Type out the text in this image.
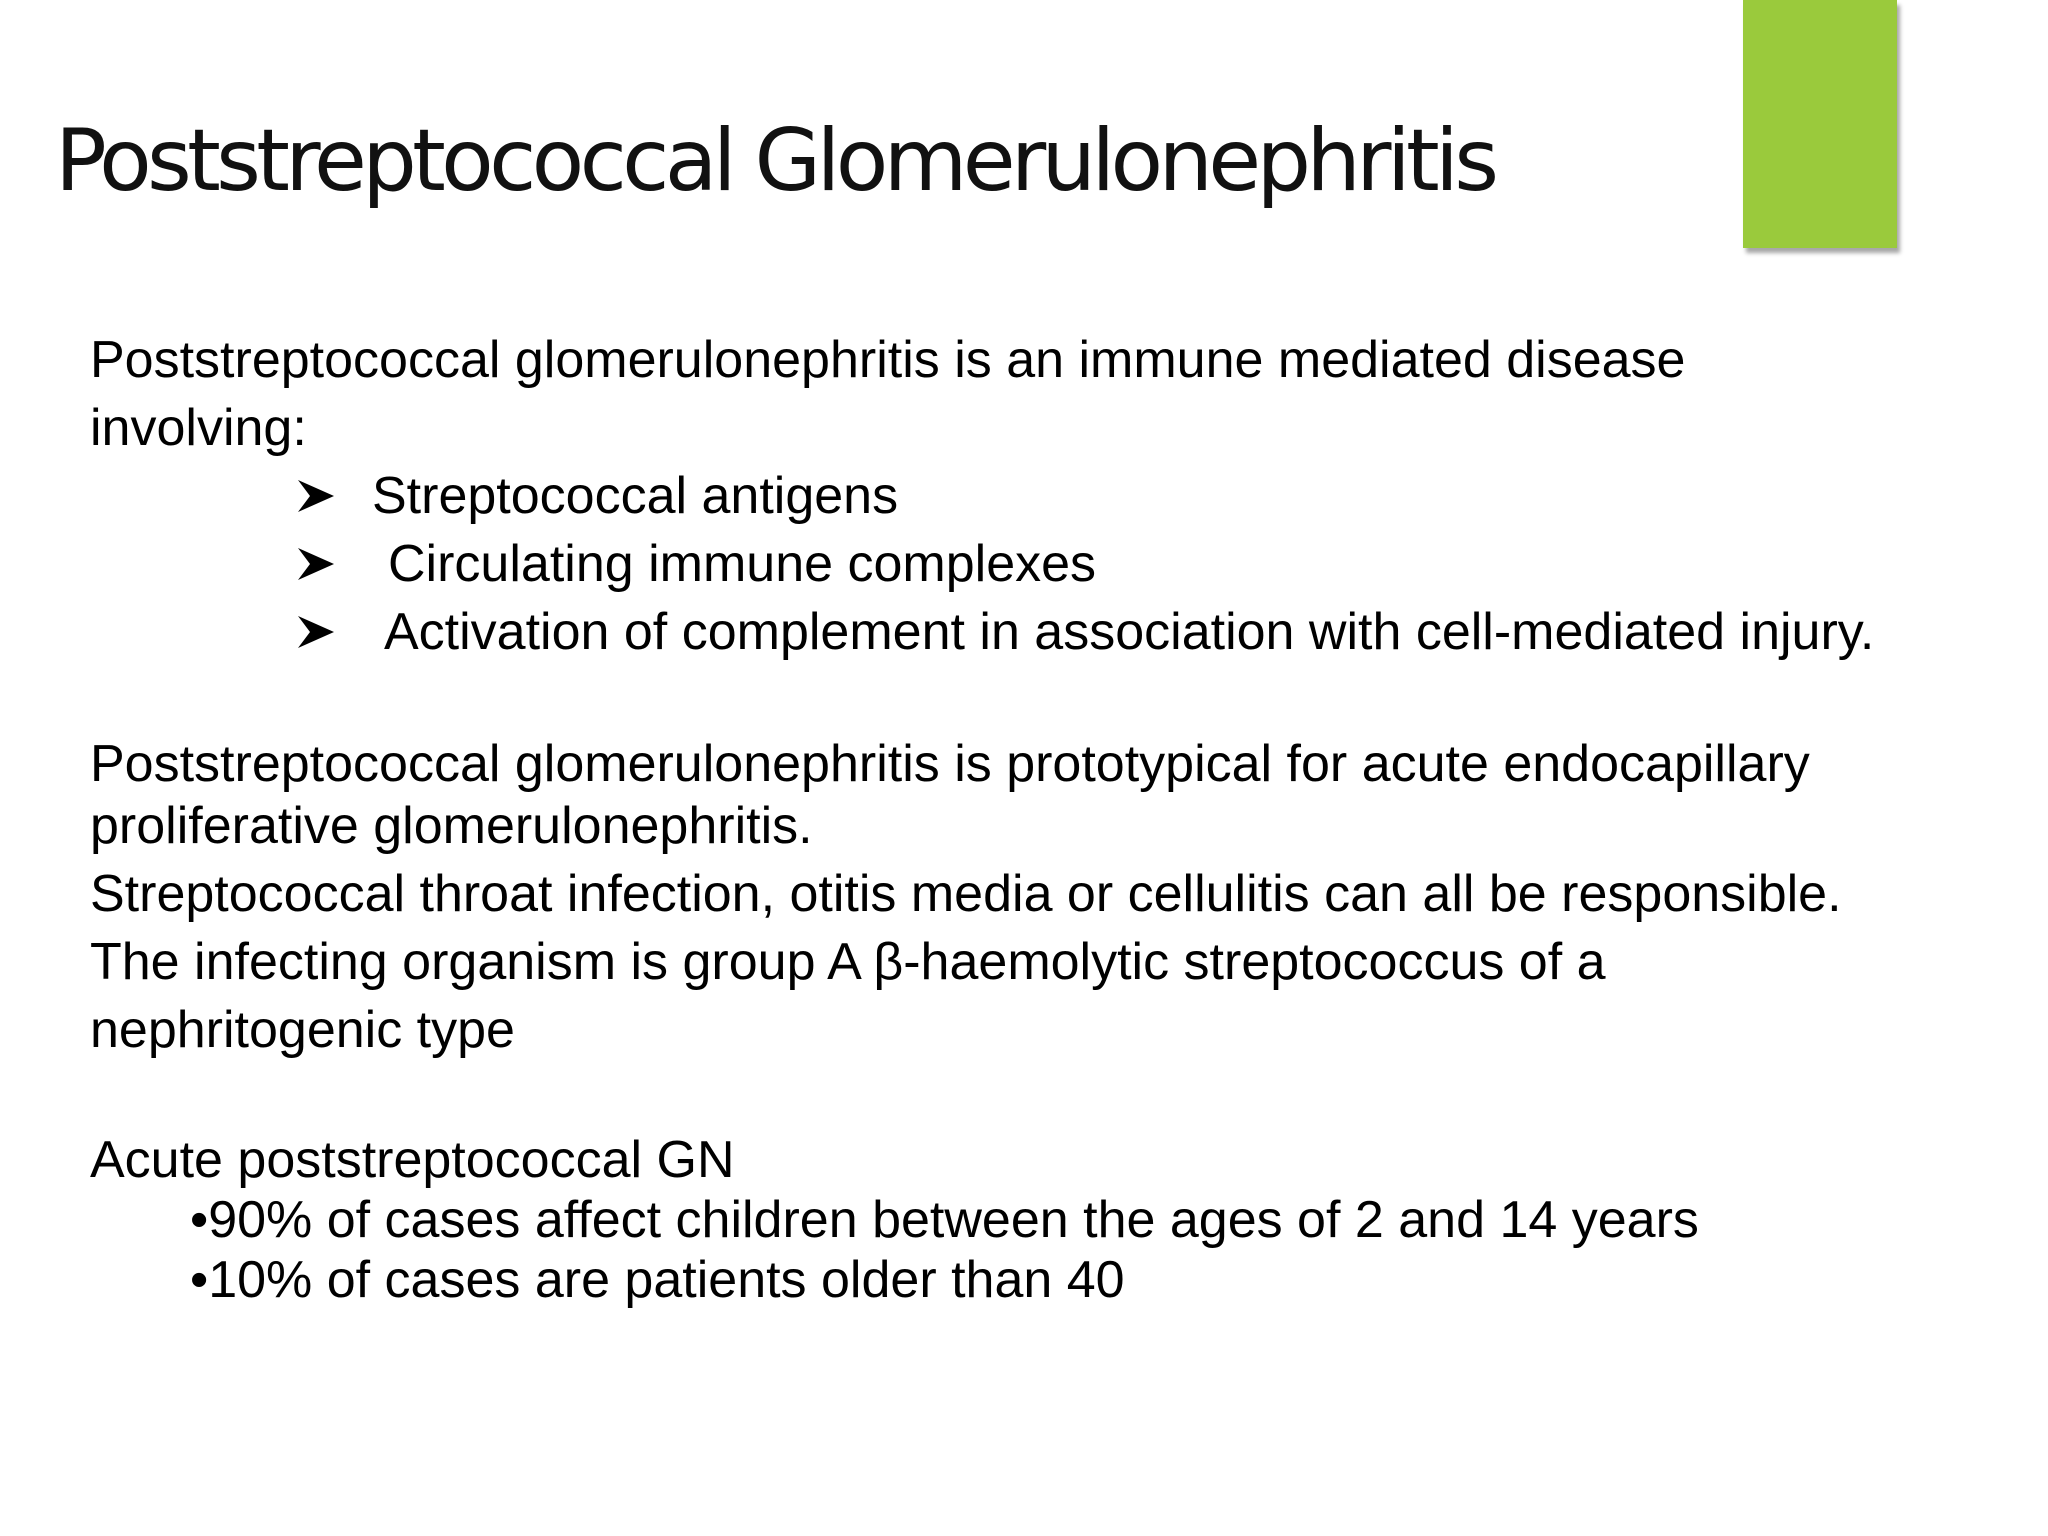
Poststreptococcal Glomerulonephritis

Poststreptococcal glomerulonephritis is an immune mediated disease

involving:

Streptococcal antigens
Circulating immune complexes
Activation of complement in association with cell-mediated injury.

Poststreptococcal glomerulonephritis is prototypical for acute endocapillary

proliferative glomerulonephritis.

Streptococcal throat infection, otitis media or cellulitis can all be responsible.

The infecting organism is group A β-haemolytic streptococcus of a

nephritogenic type

Acute poststreptococcal GN

•90% of cases affect children between the ages of 2 and 14 years

•10% of cases are patients older than 40
